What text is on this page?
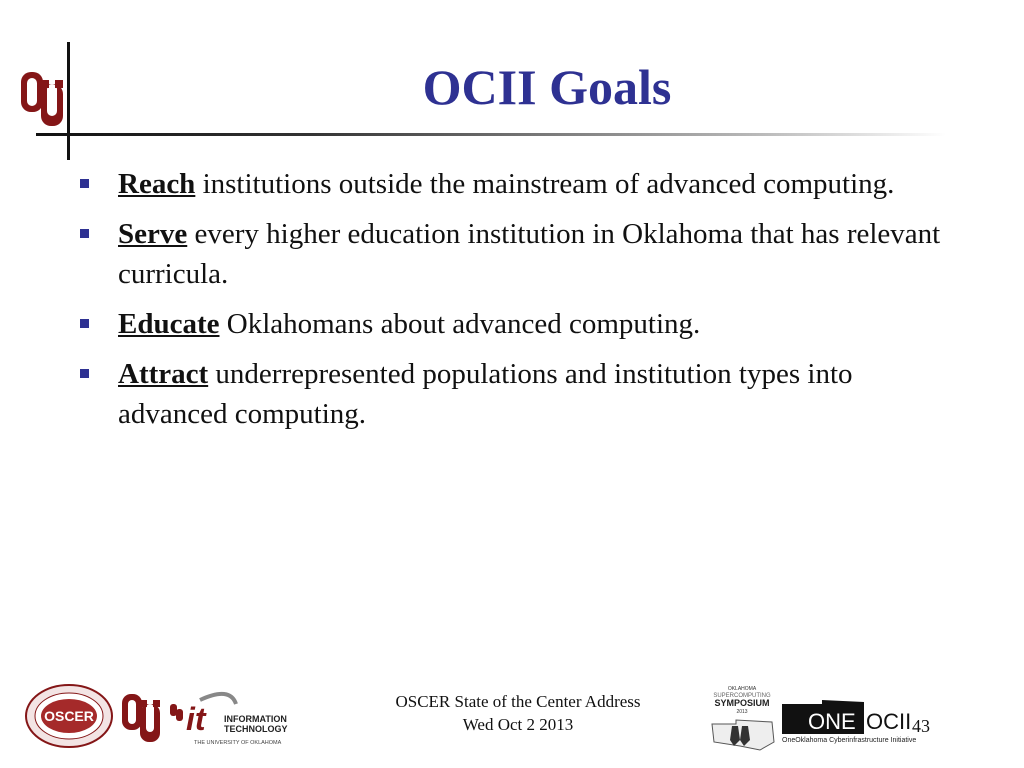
OCII Goals
Reach institutions outside the mainstream of advanced computing.
Serve every higher education institution in Oklahoma that has relevant curricula.
Educate Oklahomans about advanced computing.
Attract underrepresented populations and institution types into advanced computing.
OSCER	it INFORMATION
TECHNOLOGY
THE UNIVERSITY OF OKLAHOMA
OSCER State of the Center Address
Wed Oct 2 2013
OKLAHOMA
SUPERCOMPUTING
SYMPOSIUM
2013	ONE OCII
OneOklahoma Cyberinfrastructure Initiative
43
